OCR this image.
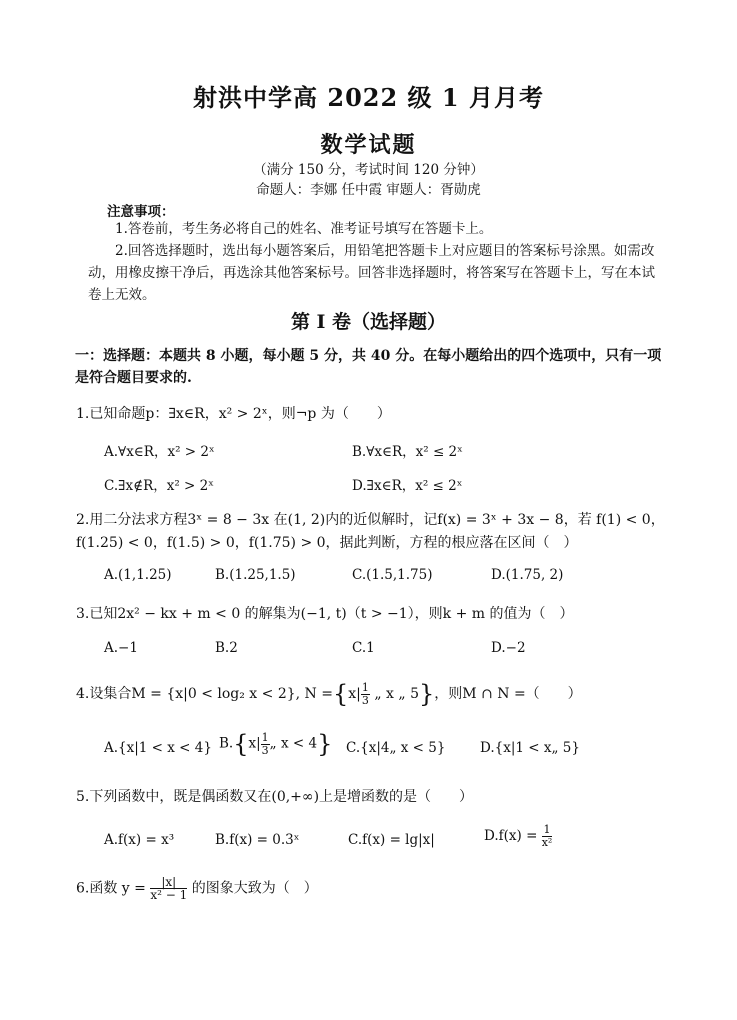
射洪中学高 2022 级 1 月月考
数学试题
（满分 150 分，考试时间 120 分钟）
命题人：李娜 任中霞 审题人：胥勋虎
注意事项：
1.答卷前，考生务必将自己的姓名、准考证号填写在答题卡上。
2.回答选择题时，选出每小题答案后，用铅笔把答题卡上对应题目的答案标号涂黑。如需改动，用橡皮擦干净后，再选涂其他答案标号。回答非选择题时，将答案写在答题卡上，写在本试卷上无效。
第 I 卷（选择题）
一：选择题：本题共 8 小题，每小题 5 分，共 40 分。在每小题给出的四个选项中，只有一项是符合题目要求的.
1.已知命题p：∃x∈R，x² > 2ˣ，则¬p 为（　　）
A.∀x∈R，x² > 2ˣ	B.∀x∈R，x² ≤ 2ˣ
C.∃x∉R，x² > 2ˣ	D.∃x∈R，x² ≤ 2ˣ
2.用二分法求方程3ˣ = 8 − 3x 在(1, 2)内的近似解时，记f(x) = 3ˣ + 3x − 8，若 f(1) < 0，
f(1.25) < 0，f(1.5) > 0，f(1.75) > 0，据此判断，方程的根应落在区间（　）
A.(1,1.25)	B.(1.25,1.5)	C.(1.5,1.75)	D.(1.75, 2)
3.已知2x² − kx + m < 0 的解集为(−1, t)（t > −1），则k + m 的值为（　）
A.−1	B.2	C.1	D.−2
4.设集合M = {x|0 < log₂ x < 2}, $N =\{x| \frac{1}{3}$ „ x „ 5}，则M ∩ N =（　　）
A.{x|1 < x < 4} $B.\{x| \frac{1}{3}$ „ x < 4} C.{x|4„ x < 5}	D.{x|1 < x„ 5}
5.下列函数中，既是偶函数又在(0,+∞)上是增函数的是（　　）
A.f(x) = x³	B.f(x) = 0.3ˣ	C.f(x) = lg|x|	$D.f(x) = \frac{1}{\text{x²}}$
6.函数 $y = \frac{|x|}{\text{x² − 1}}$ 的图象大致为（　）
